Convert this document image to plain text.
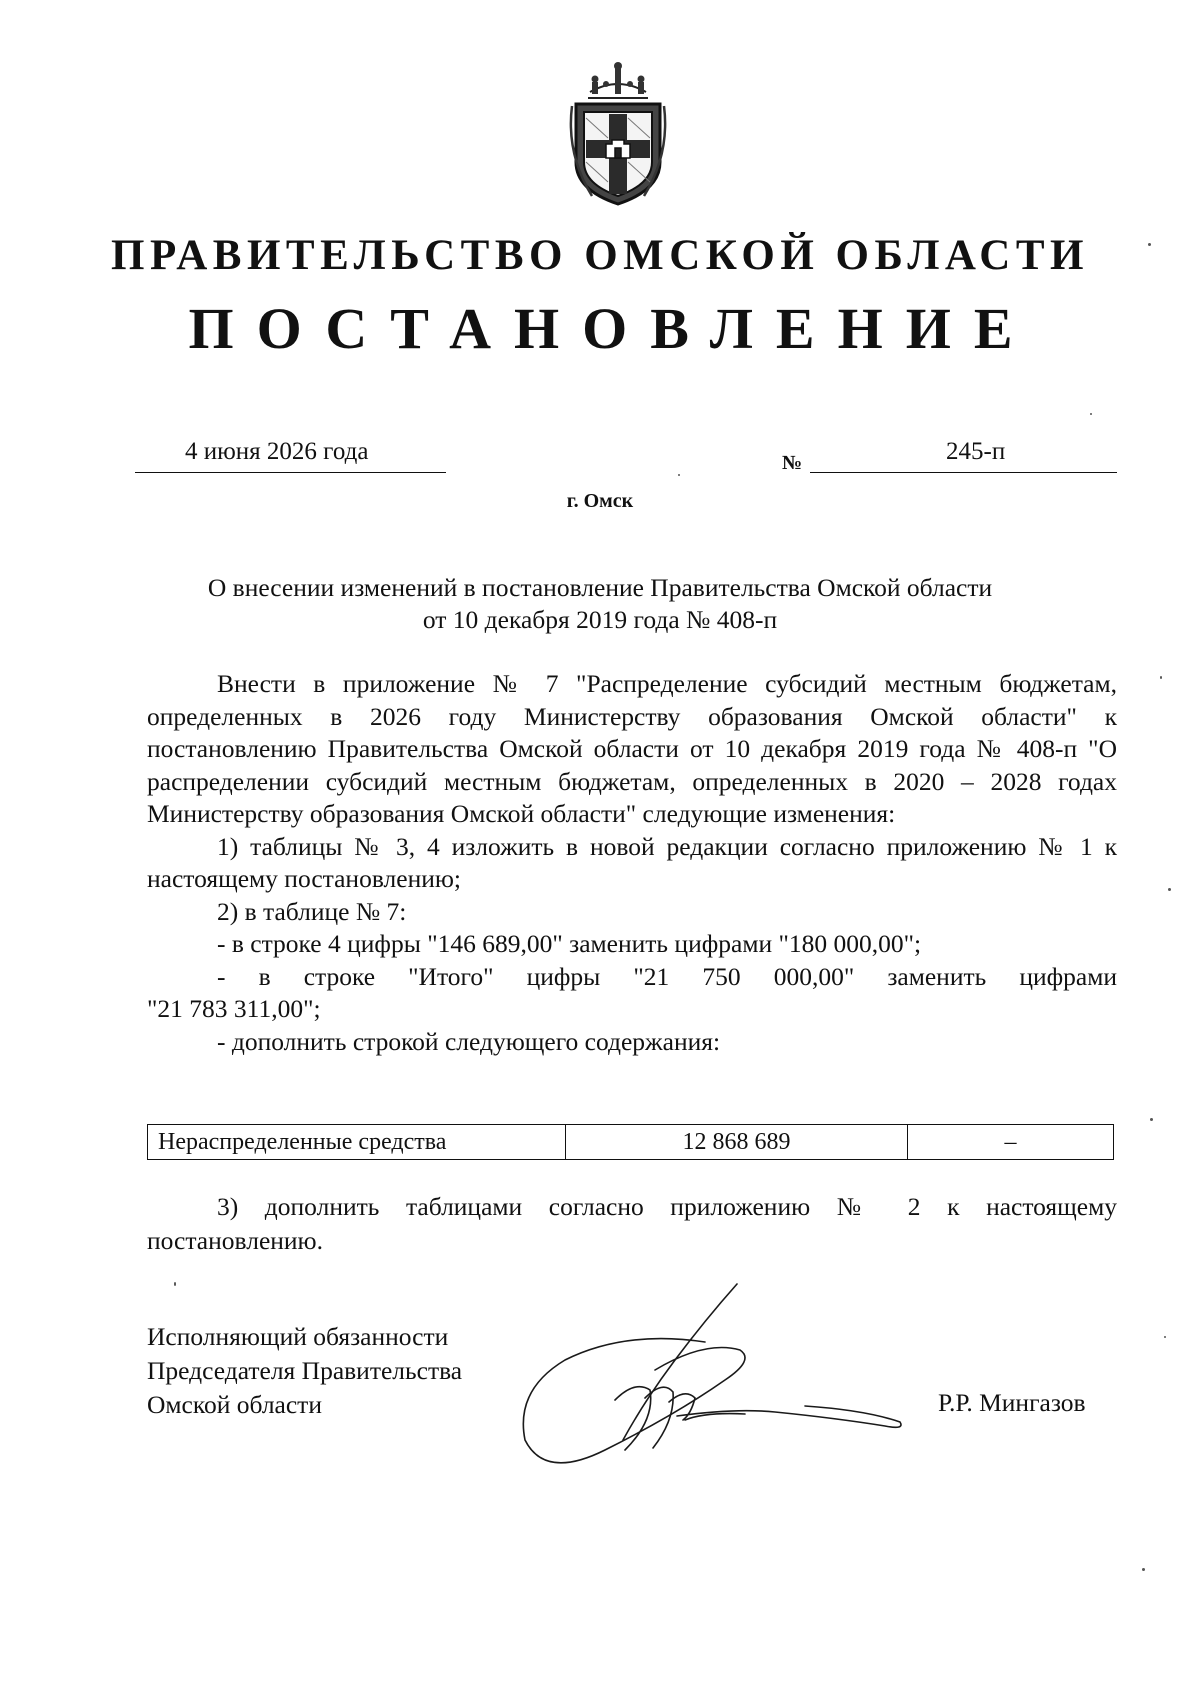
ПРАВИТЕЛЬСТВО ОМСКОЙ ОБЛАСТИ
ПОСТАНОВЛЕНИЕ
4 июня 2026 года	№	245-п
г. Омск
О внесении изменений в постановление Правительства Омской области
от 10 декабря 2019 года № 408-п

Внести в приложение № 7 "Распределение субсидий местным бюджетам, определенных в 2026 году Министерству образования Омской области" к постановлению Правительства Омской области от 10 декабря 2019 года № 408-п "О распределении субсидий местным бюджетам, определенных в 2020 – 2028 годах Министерству образования Омской области" следующие изменения:

1) таблицы № 3, 4 изложить в новой редакции согласно приложению № 1 к настоящему постановлению;

2) в таблице № 7:

- в строке 4 цифры "146 689,00" заменить цифрами "180 000,00";

- в строке "Итого" цифры "21 750 000,00" заменить цифрами

"21 783 311,00";

- дополнить строкой следующего содержания:

Нераспределенные средства	12 868 689	–

3) дополнить таблицами согласно приложению № 2 к настоящему постановлению.

Исполняющий обязанности
Председателя Правительства
Омской области	Р.Р. Мингазов
